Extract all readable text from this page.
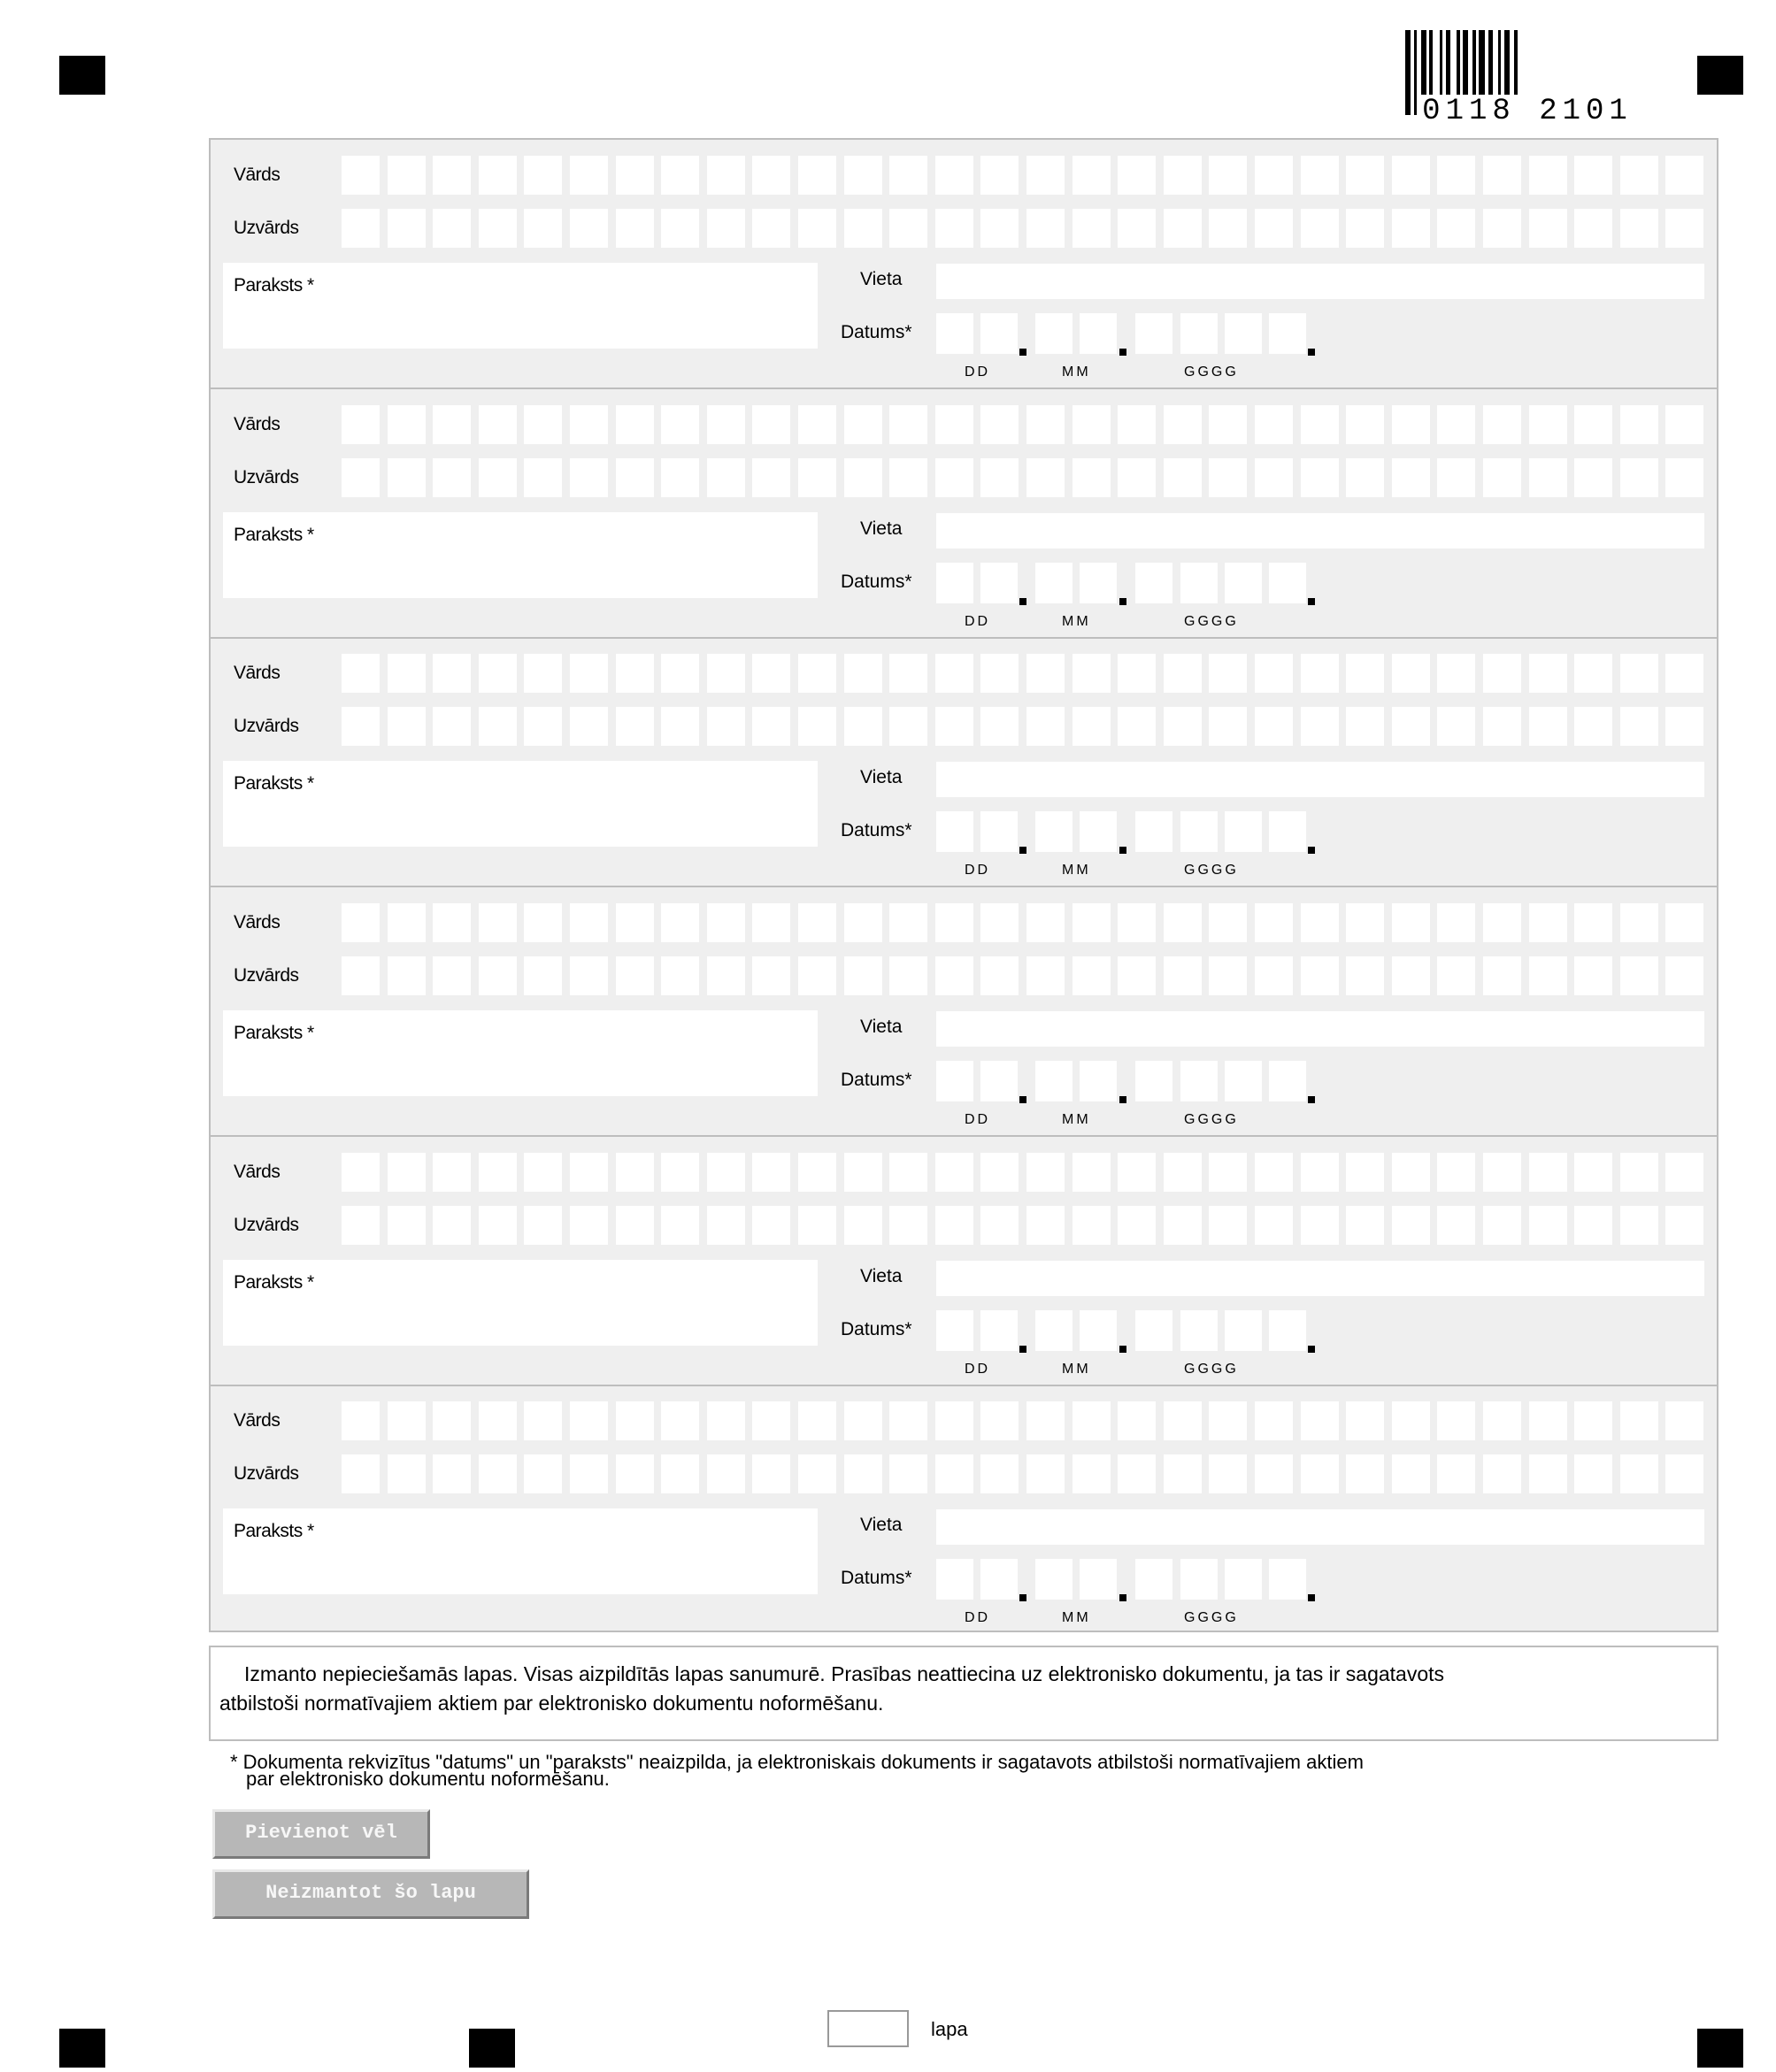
0118 2101
Vārds
Uzvārds
Paraksts *	Vieta
Datums*
DD	MM	GGGG
Vārds
Uzvārds
Paraksts *	Vieta
Datums*
DD	MM	GGGG
Vārds
Uzvārds
Paraksts *	Vieta
Datums*
DD	MM	GGGG
Vārds
Uzvārds
Paraksts *	Vieta
Datums*
DD	MM	GGGG
Vārds
Uzvārds
Paraksts *	Vieta
Datums*
DD	MM	GGGG
Vārds
Uzvārds
Paraksts *	Vieta
Datums*
DD	MM	GGGG
Izmanto nepieciešamās lapas. Visas aizpildītās lapas sanumurē. Prasības neattiecina uz elektronisko dokumentu, ja tas ir sagatavots
atbilstoši normatīvajiem aktiem par elektronisko dokumentu noformēšanu.
* Dokumenta rekvizītus "datums" un "paraksts" neaizpilda, ja elektroniskais dokuments ir sagatavots atbilstoši normatīvajiem aktiem
par elektronisko dokumentu noformēšanu.
Pievienot vēl
Neizmantot šo lapu
lapa
